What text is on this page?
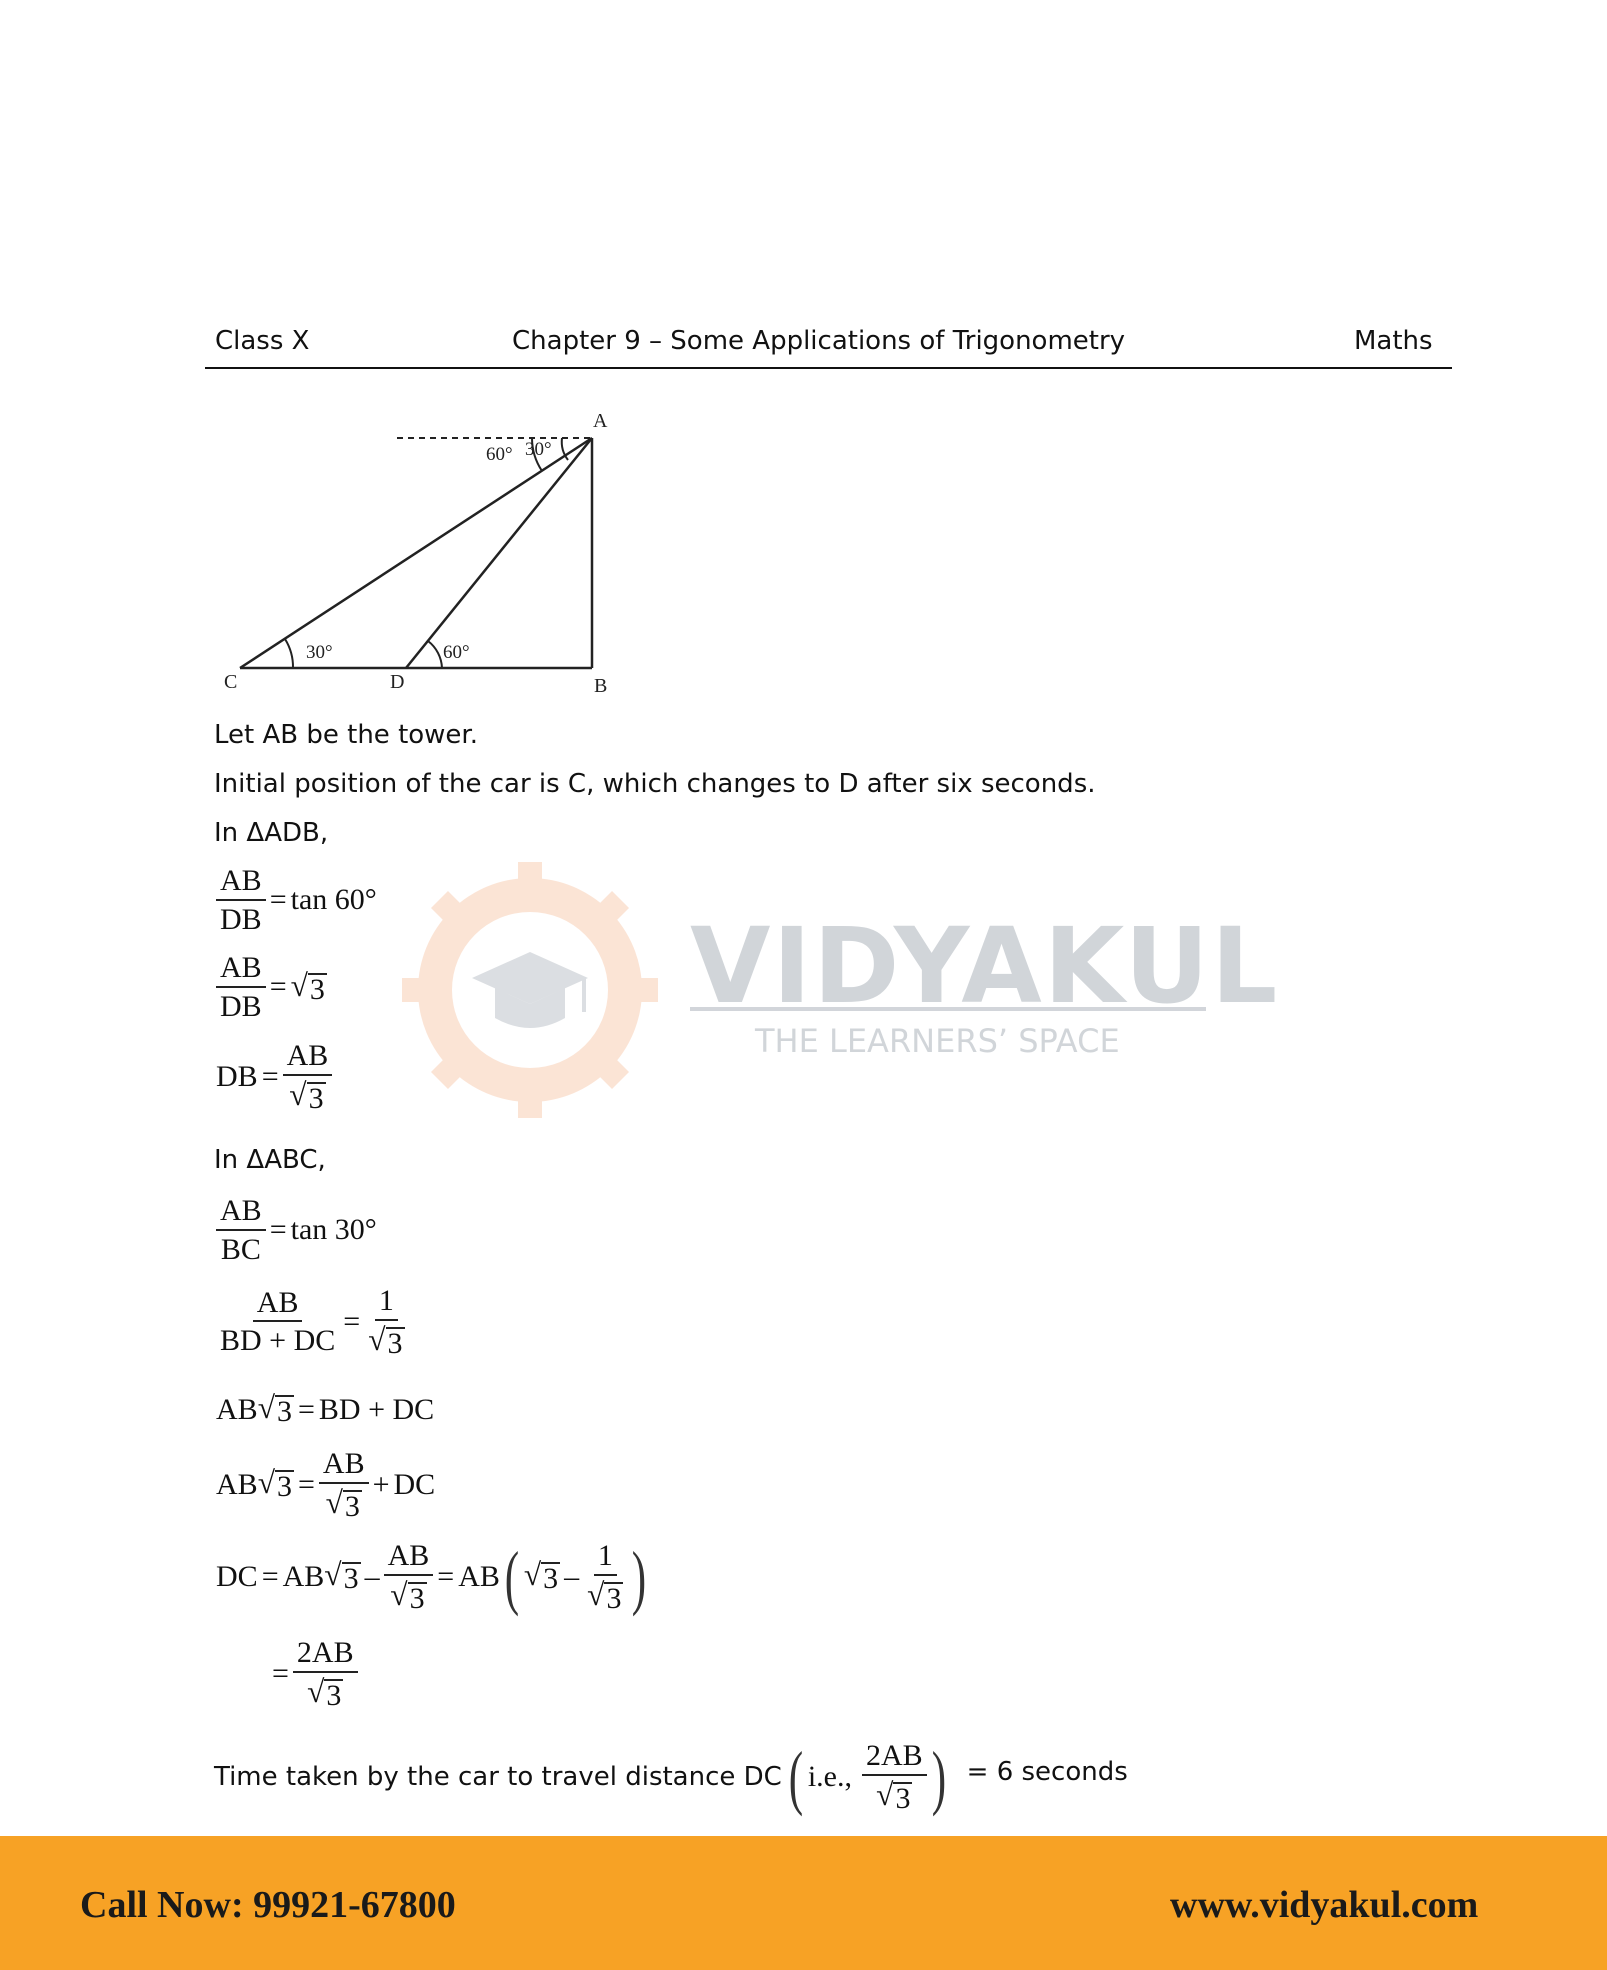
Class X	Chapter 9 – Some Applications of Trigonometry	Maths
VIDYAKUL
THE LEARNERS’ SPACE
A
B
C	D
60° 30°
30°	60°
Let AB be the tower.
Initial position of the car is C, which changes to D after six seconds.
In ΔADB,
$\frac{AB}{DB} = \tan 60^\circ$
$\frac{AB}{DB}$ = √ 3
DB = $\frac{AB}{√ 3}$
In ΔABC,
$\frac{AB}{BC} = \tan 30^\circ$
$\frac{AB}{BD + DC} = \frac{1}{√ 3}$
AB √ 3 = BD + DC
AB √ $3 = \frac{AB}{√ 3}$ + DC
DC = AB √ $3 - \frac{AB}{√ 3}$ = AB ( √ $3 - \frac{1}{√ 3}$ )
= $\frac{2AB}{√ 3}$
Time taken by the car to travel distance DC ( i.e., $\frac{2AB}{√ 3}$ ) = 6 seconds
Call Now: 99921-67800	www.vidyakul.com
